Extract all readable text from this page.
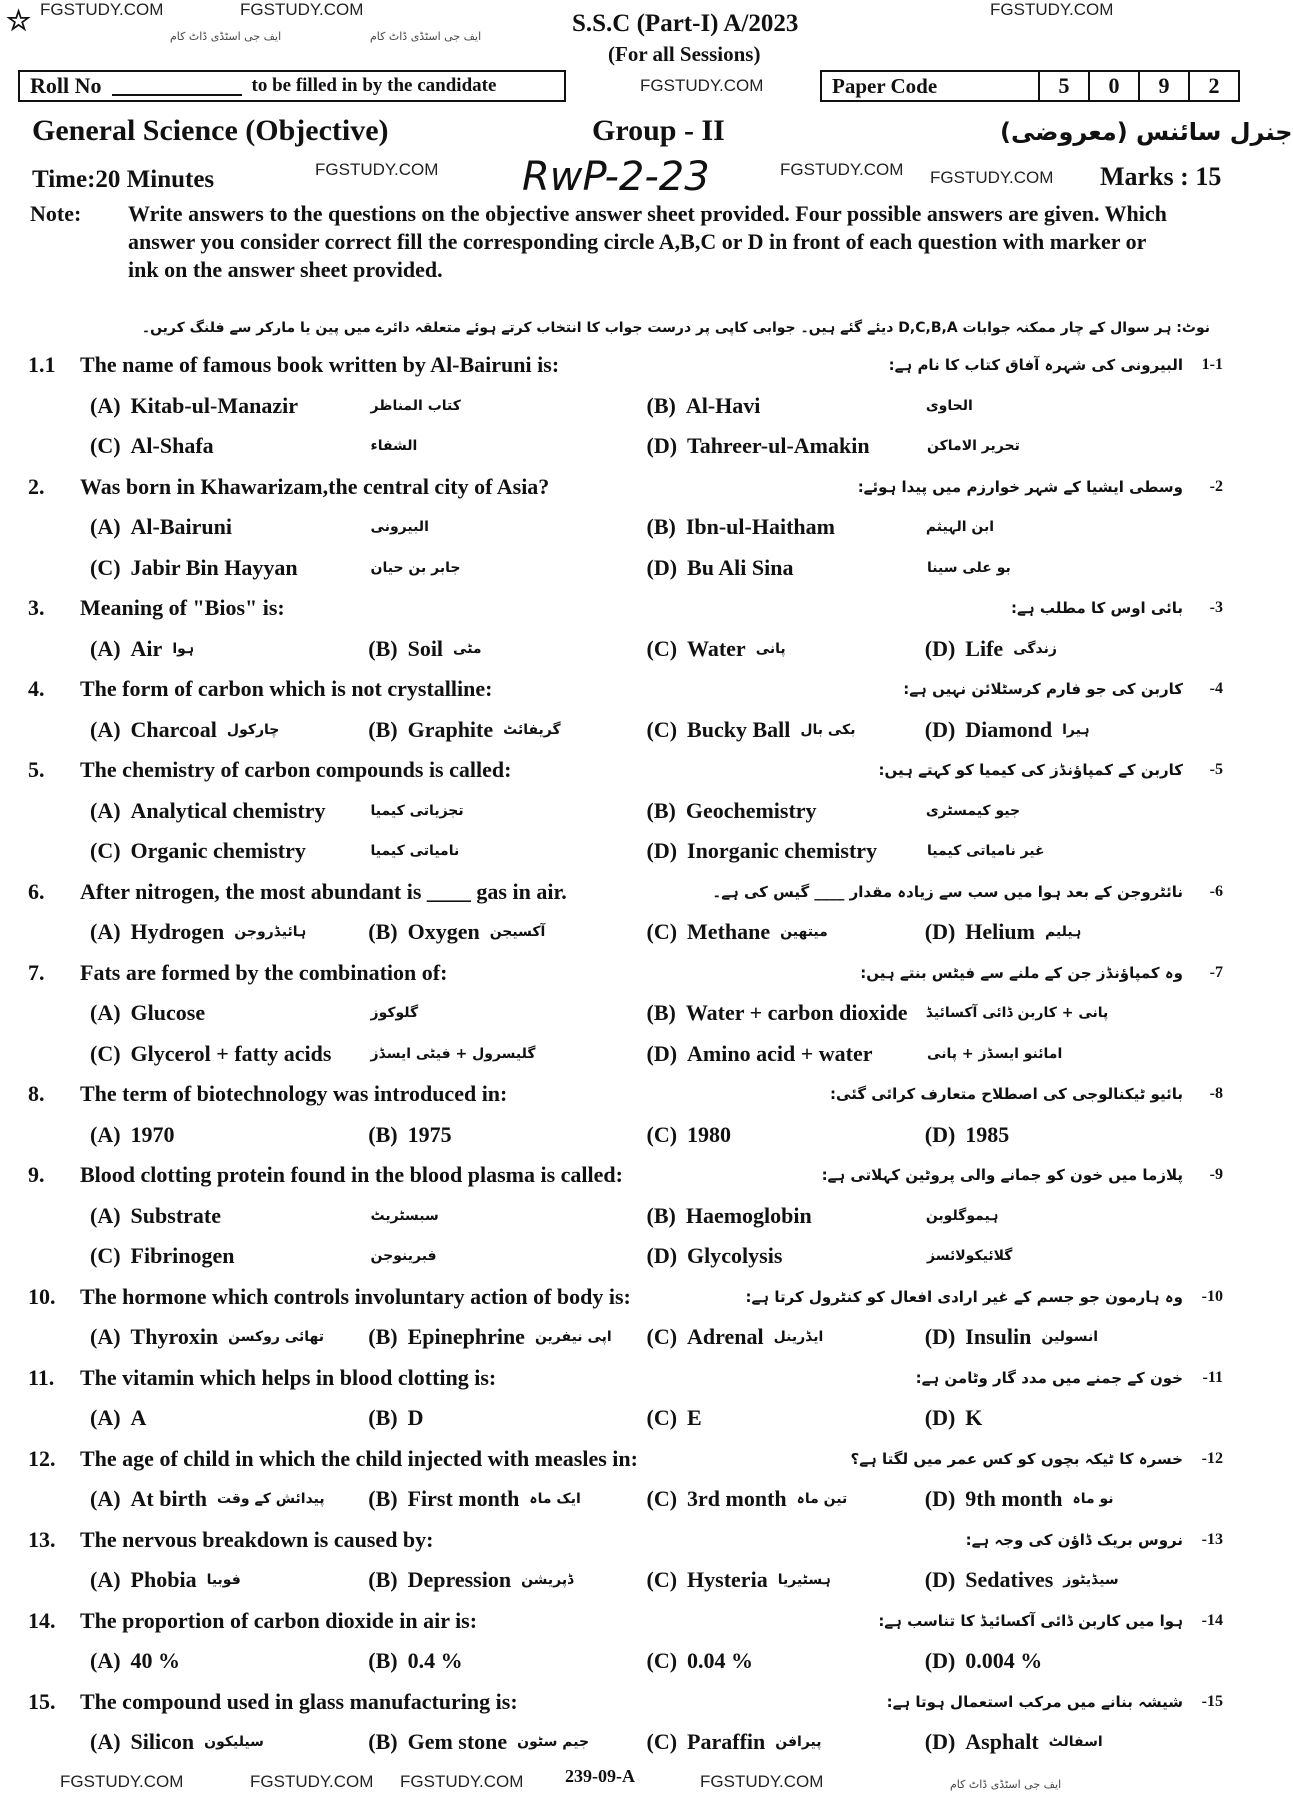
FGSTUDY.COM	FGSTUDY.COM	FGSTUDY.COM
FGSTUDY.COM	FGSTUDY.COM
FGSTUDY.COM
FGSTUDY.COM
FGSTUDY.COM	FGSTUDY.COM FGSTUDY.COM	FGSTUDY.COM
ایف جی اسٹڈی ڈاٹ کام	ایف جی اسٹڈی ڈاٹ کام
ایف جی اسٹڈی ڈاٹ کام
☆	S.S.C (Part-I) A/2023
(For all Sessions)
Roll No	to be filled in by the candidate	Paper Code	5	0	9	2
General Science (Objective)	Group - II	جنرل سائنس (معروضی)
Time:20 Minutes	RwP-2-23	Marks : 15
Note:	Write answers to the questions on the objective answer sheet provided. Four possible answers are given. Which answer you consider correct fill the corresponding circle A,B,C or D in front of each question with marker or ink on the answer sheet provided.
نوٹ: ہر سوال کے چار ممکنہ جوابات D,C,B,A دیئے گئے ہیں۔ جوابی کاپی پر درست جواب کا انتخاب کرتے ہوئے متعلقہ دائرے میں پین یا مارکر سے فلنگ کریں۔
1.1	The name of famous book written by Al-Bairuni is:	البیرونی کی شہرہ آفاق کتاب کا نام ہے:	1-1
(A) Kitab-ul-Manazir	کتاب المناظر	(B) Al-Havi	الحاوی
(C) Al-Shafa	الشفاء	(D) Tahreer-ul-Amakin	تحریر الاماکن
2.	Was born in Khawarizam,the central city of Asia?	وسطی ایشیا کے شہر خوارزم میں پیدا ہوئے:	-2
(A) Al-Bairuni	البیرونی	(B) Ibn-ul-Haitham	ابن الہیثم
(C) Jabir Bin Hayyan	جابر بن حیان	(D) Bu Ali Sina	بو علی سینا
3.	Meaning of "Bios" is:	بائی اوس کا مطلب ہے:	-3
(A) Air ہوا	(B) Soil مٹی	(C) Water پانی	(D) Life زندگی
4.	The form of carbon which is not crystalline:	کاربن کی جو فارم کرسٹلائن نہیں ہے:	-4
(A) Charcoal چارکول	(B) Graphite گریفائٹ	(C) Bucky Ball بکی بال	(D) Diamond ہیرا
5.	The chemistry of carbon compounds is called:	کاربن کے کمپاؤنڈز کی کیمیا کو کہتے ہیں:	-5
(A) Analytical chemistry	تجزیاتی کیمیا	(B) Geochemistry	جیو کیمسٹری
(C) Organic chemistry	نامیاتی کیمیا	(D) Inorganic chemistry	غیر نامیاتی کیمیا
6.	After nitrogen, the most abundant is ____ gas in air.	نائٹروجن کے بعد ہوا میں سب سے زیادہ مقدار ____ گیس کی ہے۔	-6
(A) Hydrogen ہائیڈروجن	(B) Oxygen آکسیجن	(C) Methane میتھین	(D) Helium ہیلیم
7.	Fats are formed by the combination of:	وہ کمپاؤنڈز جن کے ملنے سے فیٹس بنتے ہیں:	-7
(A) Glucose	گلوکوز	(B) Water + carbon dioxide	پانی + کاربن ڈائی آکسائیڈ
(C) Glycerol + fatty acids	گلیسرول + فیٹی ایسڈز	(D) Amino acid + water	امائنو ایسڈز + پانی
8.	The term of biotechnology was introduced in:	بائیو ٹیکنالوجی کی اصطلاح متعارف کرائی گئی:	-8
(A) 1970	(B) 1975	(C) 1980	(D) 1985
9.	Blood clotting protein found in the blood plasma is called:	پلازما میں خون کو جمانے والی پروٹین کہلاتی ہے:	-9
(A) Substrate	سبسٹریٹ	(B) Haemoglobin	ہیموگلوبن
(C) Fibrinogen	فبرینوجن	(D) Glycolysis	گلائیکولائسز
10.	The hormone which controls involuntary action of body is:	وہ ہارمون جو جسم کے غیر ارادی افعال کو کنٹرول کرتا ہے:	-10
(A) Thyroxin تھائی روکسن (B) Epinephrine اپی نیفرین (C) Adrenal ایڈرینل	(D) Insulin انسولین
11.	The vitamin which helps in blood clotting is:	خون کے جمنے میں مدد گار وٹامن ہے:	-11
(A) A	(B) D	(C) E	(D) K
12.	The age of child in which the child injected with measles in:	خسرہ کا ٹیکہ بچوں کو کس عمر میں لگتا ہے؟	-12
(A) At birth پیدائش کے وقت (B) First month ایک ماہ	(C) 3rd month تین ماہ	(D) 9th month نو ماہ
13.	The nervous breakdown is caused by:	نروس بریک ڈاؤن کی وجہ ہے:	-13
(A) Phobia فوبیا	(B) Depression ڈپریشن	(C) Hysteria ہسٹیریا	(D) Sedatives سیڈیٹوز
14.	The proportion of carbon dioxide in air is:	ہوا میں کاربن ڈائی آکسائیڈ کا تناسب ہے:	-14
(A) 40 %	(B) 0.4 %	(C) 0.04 %	(D) 0.004 %
15.	The compound used in glass manufacturing is:	شیشہ بنانے میں مرکب استعمال ہوتا ہے:	-15
(A) Silicon سیلیکون	(B) Gem stone جیم سٹون	(C) Paraffin پیرافن	(D) Asphalt اسفالٹ
239-09-A
